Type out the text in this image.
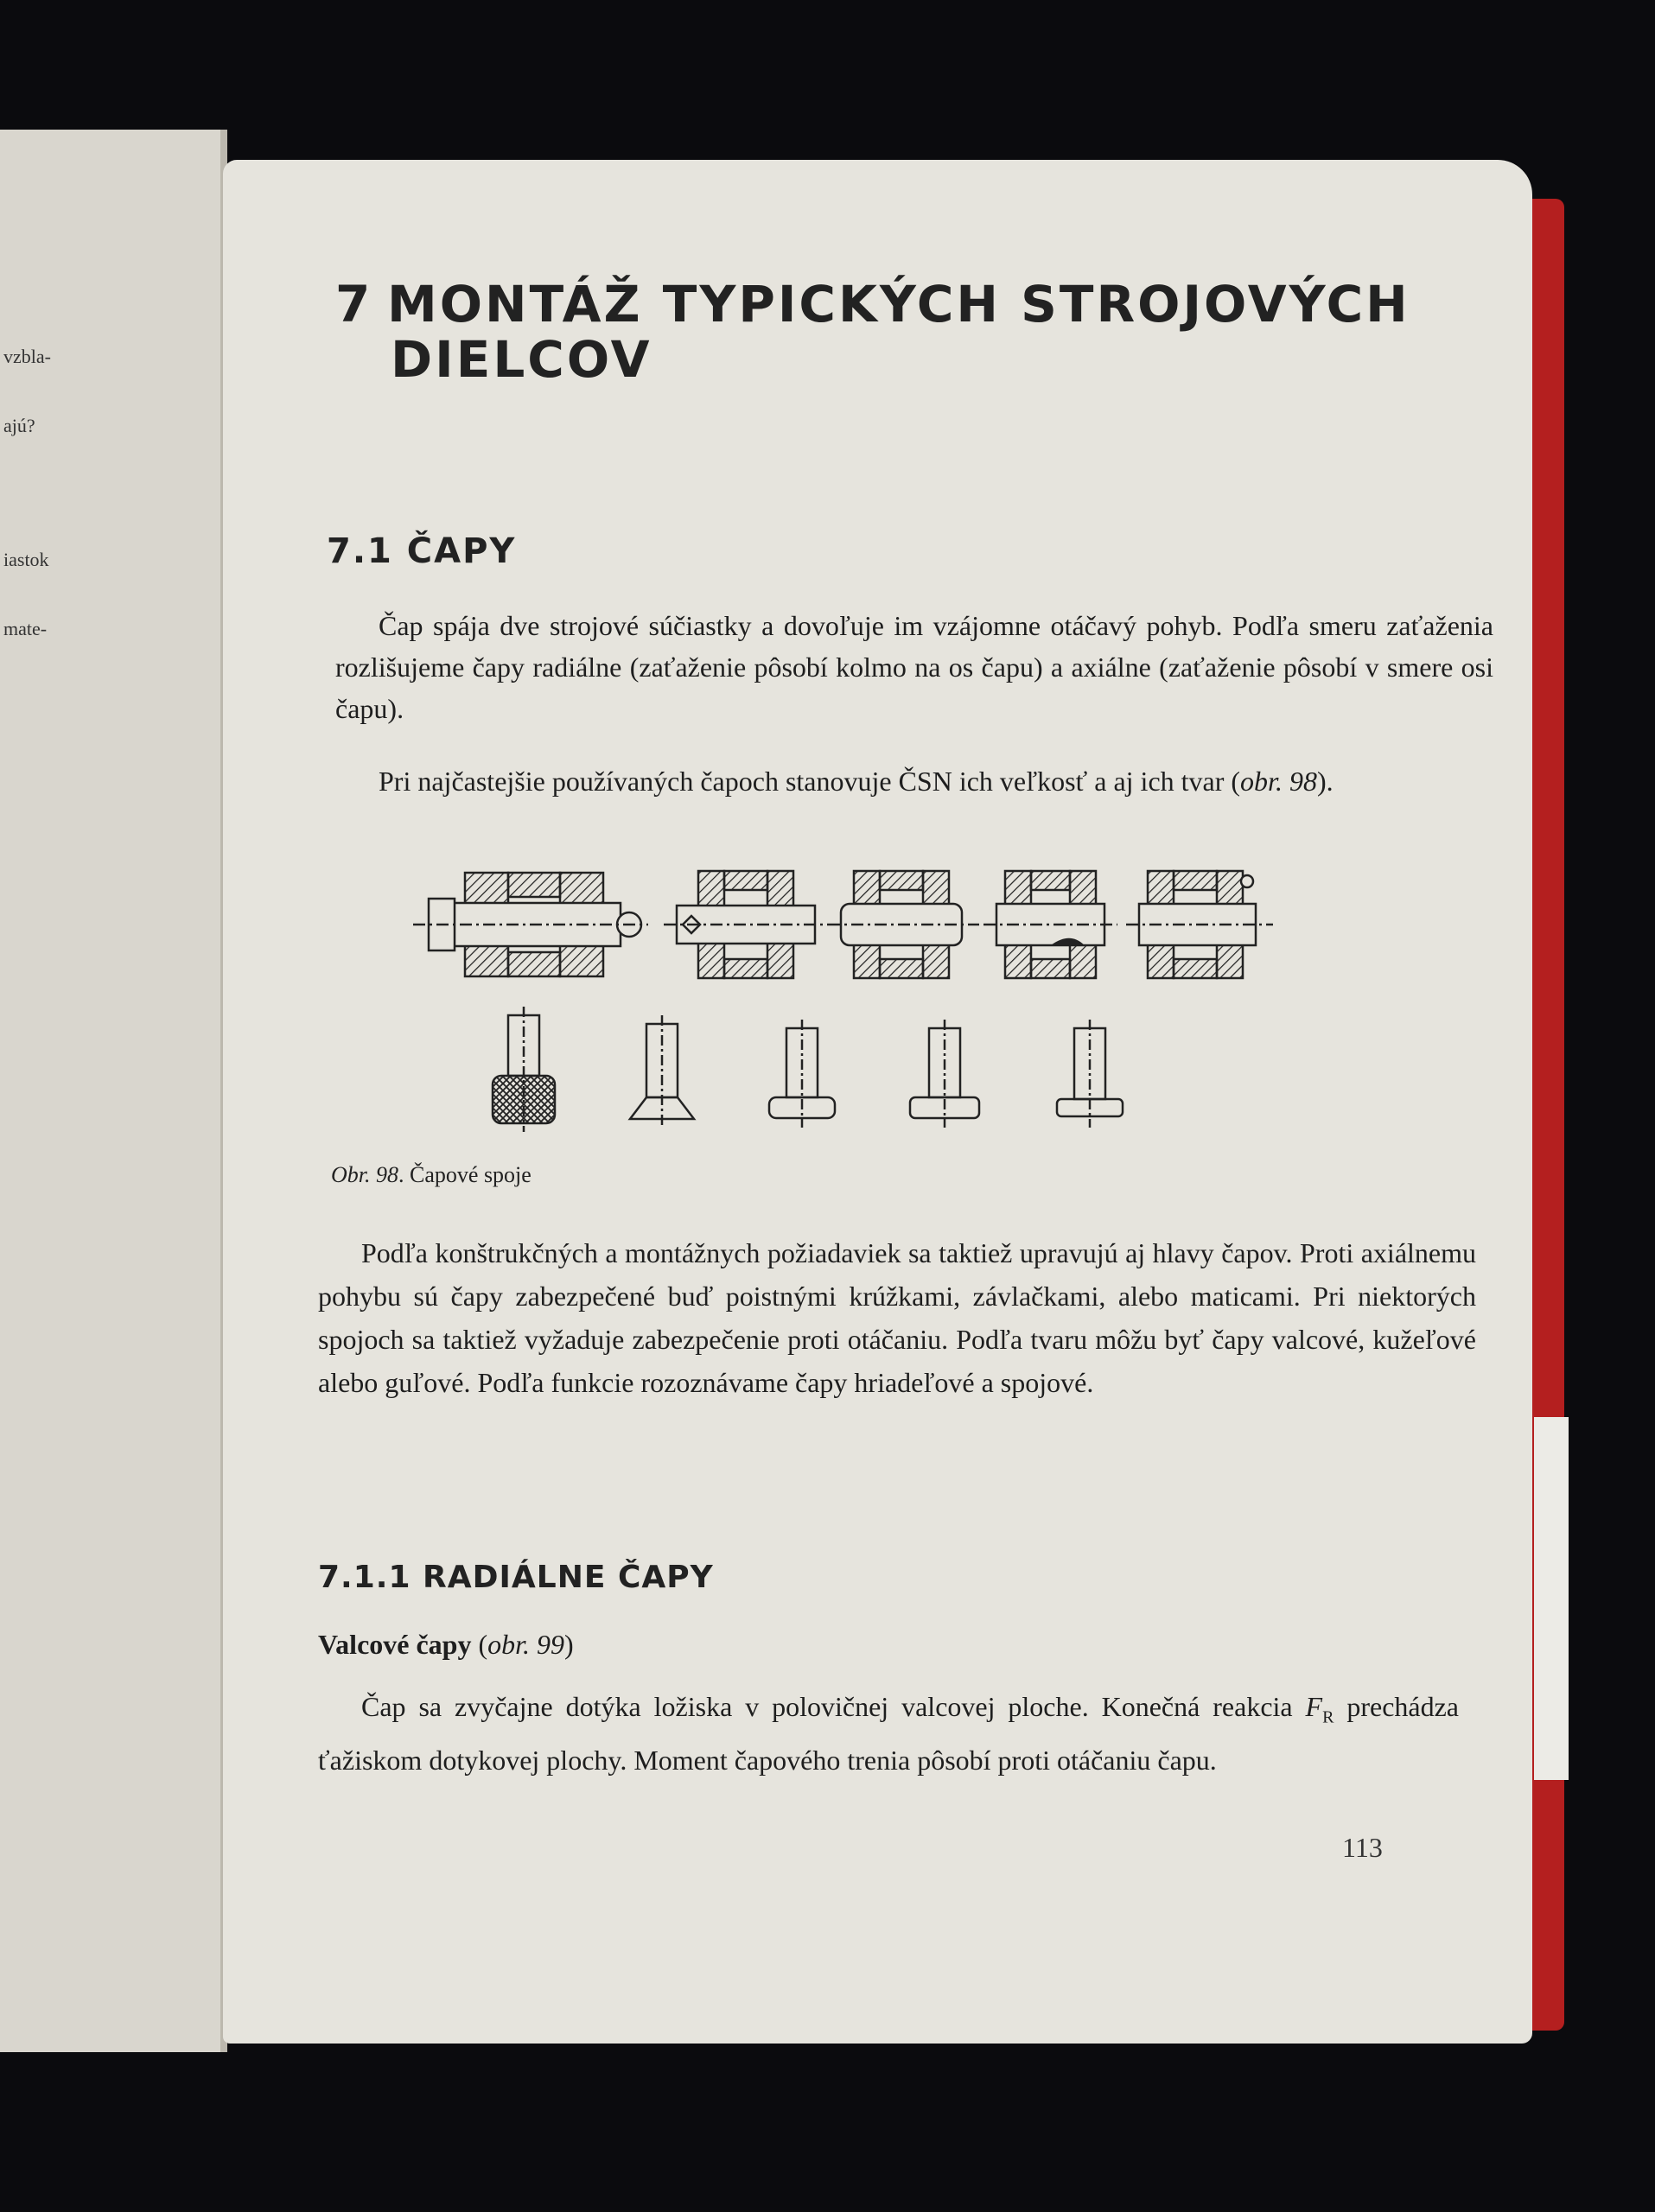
vzbla-
ajú?
iastok
mate-
7 MONTÁŽ TYPICKÝCH STROJOVÝCH
DIELCOV
7.1 ČAPY

Čap spája dve strojové súčiastky a dovoľuje im vzájomne otáčavý pohyb. Podľa smeru zaťaženia rozlišujeme čapy radiálne (zaťaženie pôsobí kolmo na os čapu) a axiálne (zaťaženie pôsobí v smere osi čapu).

Pri najčastejšie používaných čapoch stanovuje ČSN ich veľkosť a aj ich tvar (obr. 98).

Obr. 98. Čapové spoje

Podľa konštrukčných a montážnych požiadaviek sa taktiež upravujú aj hlavy čapov. Proti axiálnemu pohybu sú čapy zabezpečené buď poistnými krúžkami, závlačkami, alebo maticami. Pri niektorých spojoch sa taktiež vyžaduje zabezpečenie proti otáčaniu. Podľa tvaru môžu byť čapy valcové, kužeľové alebo guľové. Podľa funkcie rozoznávame čapy hriadeľové a spojové.

7.1.1 RADIÁLNE ČAPY
Valcové čapy (obr. 99)

Čap sa zvyčajne dotýka ložiska v polovičnej valcovej ploche. Konečná reakcia $F_R$ prechádza ťažiskom dotykovej plochy. Moment čapového trenia pôsobí proti otáčaniu čapu.

113
